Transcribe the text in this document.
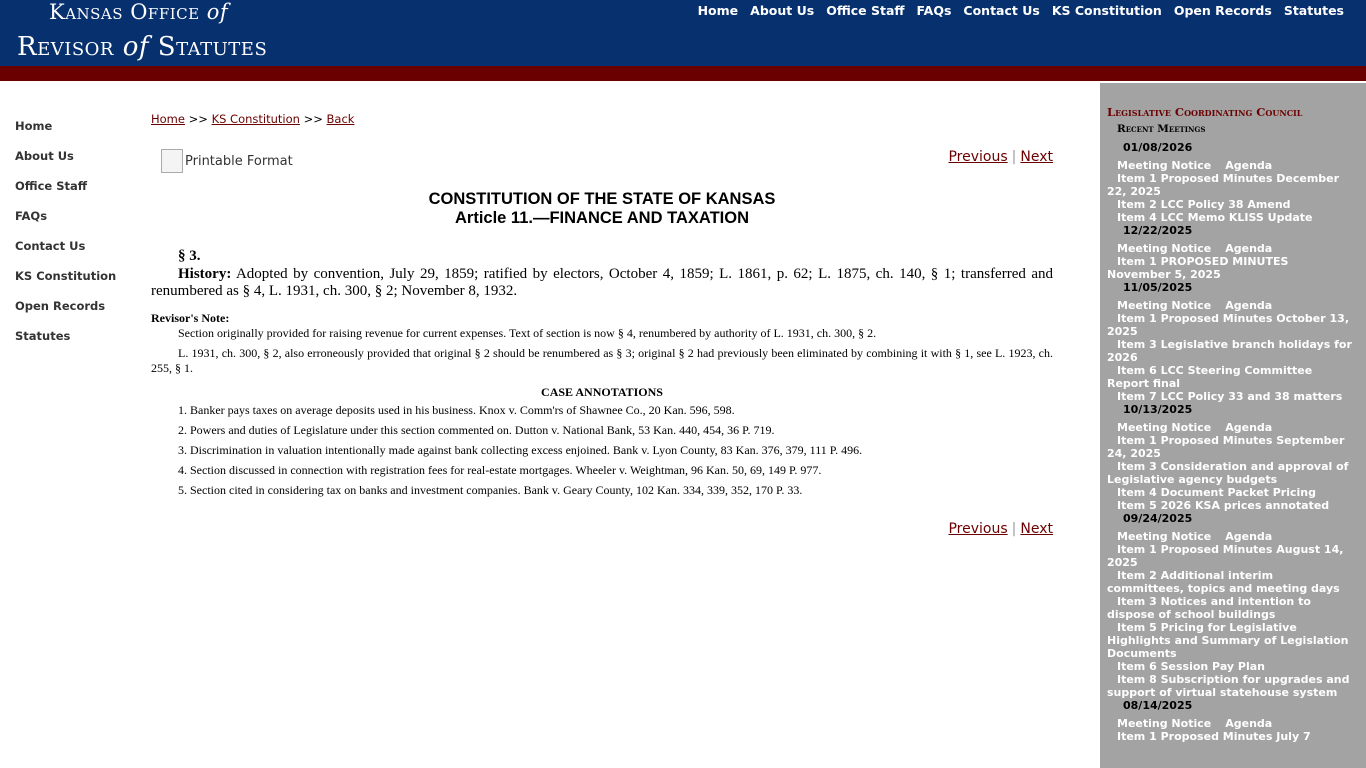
Kansas Office of
Revisor of Statutes
Home About Us Office Staff FAQs Contact Us KS Constitution Open Records Statutes
Home
About Us
Office Staff
FAQs
Contact Us
KS Constitution
Open Records
Statutes
Home >> KS Constitution >> Back
Previous | Next
Printable Format
CONSTITUTION OF THE STATE OF KANSAS
Article 11.—FINANCE AND TAXATION
§ 3.
History: Adopted by convention, July 29, 1859; ratified by electors, October 4, 1859; L. 1861, p. 62; L. 1875, ch. 140, § 1; transferred and renumbered as § 4, L. 1931, ch. 300, § 2; November 8, 1932.
Revisor's Note:
Section originally provided for raising revenue for current expenses. Text of section is now § 4, renumbered by authority of L. 1931, ch. 300, § 2.
L. 1931, ch. 300, § 2, also erroneously provided that original § 2 should be renumbered as § 3; original § 2 had previously been eliminated by combining it with § 1, see L. 1923, ch. 255, § 1.
CASE ANNOTATIONS
1. Banker pays taxes on average deposits used in his business. Knox v. Comm'rs of Shawnee Co., 20 Kan. 596, 598.
2. Powers and duties of Legislature under this section commented on. Dutton v. National Bank, 53 Kan. 440, 454, 36 P. 719.
3. Discrimination in valuation intentionally made against bank collecting excess enjoined. Bank v. Lyon County, 83 Kan. 376, 379, 111 P. 496.
4. Section discussed in connection with registration fees for real-estate mortgages. Wheeler v. Weightman, 96 Kan. 50, 69, 149 P. 977.
5. Section cited in considering tax on banks and investment companies. Bank v. Geary County, 102 Kan. 334, 339, 352, 170 P. 33.
Previous | Next
Legislative Coordinating Council
Recent Meetings
01/08/2026
Meeting Notice Agenda
Item 1 Proposed Minutes December 22, 2025
Item 2 LCC Policy 38 Amend
Item 4 LCC Memo KLISS Update
12/22/2025
Meeting Notice Agenda
Item 1 PROPOSED MINUTES November 5, 2025
11/05/2025
Meeting Notice Agenda
Item 1 Proposed Minutes October 13, 2025
Item 3 Legislative branch holidays for 2026
Item 6 LCC Steering Committee Report final
Item 7 LCC Policy 33 and 38 matters
10/13/2025
Meeting Notice Agenda
Item 1 Proposed Minutes September 24, 2025
Item 3 Consideration and approval of Legislative agency budgets
Item 4 Document Packet Pricing
Item 5 2026 KSA prices annotated
09/24/2025
Meeting Notice Agenda
Item 1 Proposed Minutes August 14, 2025
Item 2 Additional interim committees, topics and meeting days
Item 3 Notices and intention to dispose of school buildings
Item 5 Pricing for Legislative Highlights and Summary of Legislation Documents
Item 6 Session Pay Plan
Item 8 Subscription for upgrades and support of virtual statehouse system
08/14/2025
Meeting Notice Agenda
Item 1 Proposed Minutes July 7
